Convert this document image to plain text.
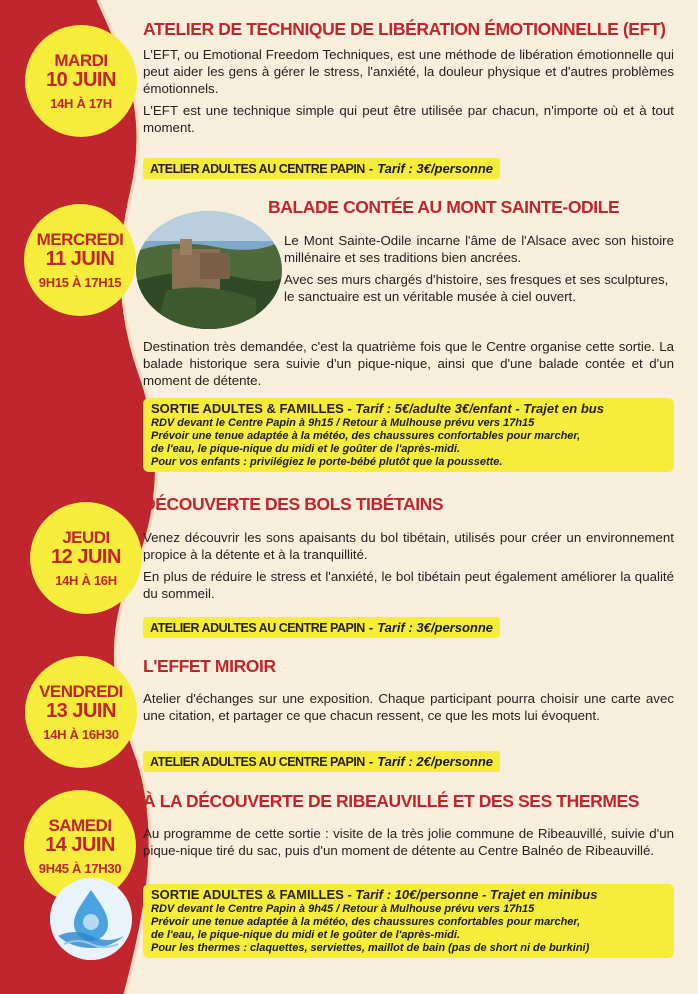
MARDI
10 JUIN
14H À 17H
ATELIER DE TECHNIQUE DE LIBÉRATION ÉMOTIONNELLE (EFT)

L'EFT, ou Emotional Freedom Techniques, est une méthode de libération émotionnelle qui peut aider les gens à gérer le stress, l'anxiété, la douleur physique et d'autres problèmes émotionnels.

L'EFT est une technique simple qui peut être utilisée par chacun, n'importe où et à tout moment.

ATELIER ADULTES AU CENTRE PAPIN - Tarif : 3€/personne
MERCREDI
11 JUIN
9H15 À 17H15
BALADE CONTÉE AU MONT SAINTE-ODILE

Le Mont Sainte-Odile incarne l'âme de l'Alsace avec son histoire millénaire et ses traditions bien ancrées.

Avec ses murs chargés d'histoire, ses fresques et ses sculptures, le sanctuaire est un véritable musée à ciel ouvert.

Destination très demandée, c'est la quatrième fois que le Centre organise cette sortie. La balade historique sera suivie d'un pique-nique, ainsi que d'une balade contée et d'un moment de détente.

SORTIE ADULTES & FAMILLES - Tarif : 5€/adulte 3€/enfant - Trajet en bus
RDV devant le Centre Papin à 9h15 / Retour à Mulhouse prévu vers 17h15
Prévoir une tenue adaptée à la météo, des chaussures confortables pour marcher,
de l'eau, le pique-nique du midi et le goûter de l'après-midi.
Pour vos enfants : privilégiez le porte-bébé plutôt que la poussette.
JEUDI
12 JUIN
14H À 16H
DÉCOUVERTE DES BOLS TIBÉTAINS

Venez découvrir les sons apaisants du bol tibétain, utilisés pour créer un environnement propice à la détente et à la tranquillité.

En plus de réduire le stress et l'anxiété, le bol tibétain peut également améliorer la qualité du sommeil.

ATELIER ADULTES AU CENTRE PAPIN - Tarif : 3€/personne
VENDREDI
13 JUIN
14H À 16H30
L'EFFET MIROIR

Atelier d'échanges sur une exposition. Chaque participant pourra choisir une carte avec une citation, et partager ce que chacun ressent, ce que les mots lui évoquent.

ATELIER ADULTES AU CENTRE PAPIN - Tarif : 2€/personne
SAMEDI
14 JUIN
9H45 À 17H30
À LA DÉCOUVERTE DE RIBEAUVILLÉ ET DES SES THERMES

Au programme de cette sortie : visite de la très jolie commune de Ribeauvillé, suivie d'un pique-nique tiré du sac, puis d'un moment de détente au Centre Balnéo de Ribeauvillé.

SORTIE ADULTES & FAMILLES - Tarif : 10€/personne - Trajet en minibus
RDV devant le Centre Papin à 9h45 / Retour à Mulhouse prévu vers 17h15
Prévoir une tenue adaptée à la météo, des chaussures confortables pour marcher,
de l'eau, le pique-nique du midi et le goûter de l'après-midi.
Pour les thermes : claquettes, serviettes, maillot de bain (pas de short ni de burkini)
